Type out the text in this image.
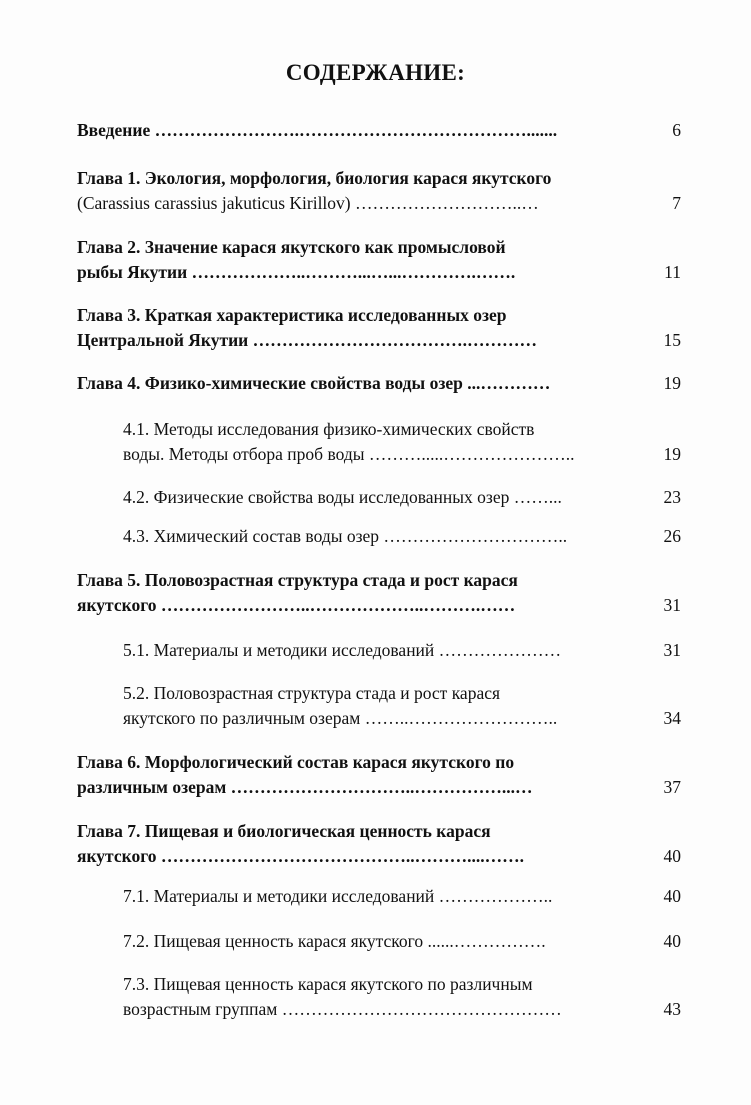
СОДЕРЖАНИЕ:
Введение …………………….………………………………….......	6
Глава 1. Экология, морфология, биология карася якутского
(Carassius carassius jakuticus Kirillov) ………………………..…	7
Глава 2. Значение карася якутского как промысловой
рыбы Якутии ………………..………...…...………….…….	11
Глава 3. Краткая характеристика исследованных озер
Центральной Якутии ……………………………….…………	15
Глава 4. Физико-химические свойства воды озер ...…………	19
4.1. Методы исследования физико-химических свойств
воды. Методы отбора проб воды ……….....…………………..	19
4.2. Физические свойства воды исследованных озер ……...	23
4.3. Химический состав воды озер …………………………..	26
Глава 5. Половозрастная структура стада и рост карася
якутского ……………………..………………..……….……	31
5.1. Материалы и методики исследований …………………	31
5.2. Половозрастная структура стада и рост карася
якутского по различным озерам ……..……………………..	34
Глава 6. Морфологический состав карася якутского по
различным озерам …………………………..……………...…	37
Глава 7. Пищевая и биологическая ценность карася
якутского ……………………………………..………....…….	40
7.1. Материалы и методики исследований ………………..	40
7.2. Пищевая ценность карася якутского ......…………….	40
7.3. Пищевая ценность карася якутского по различным
возрастным группам …………………………………………	43
